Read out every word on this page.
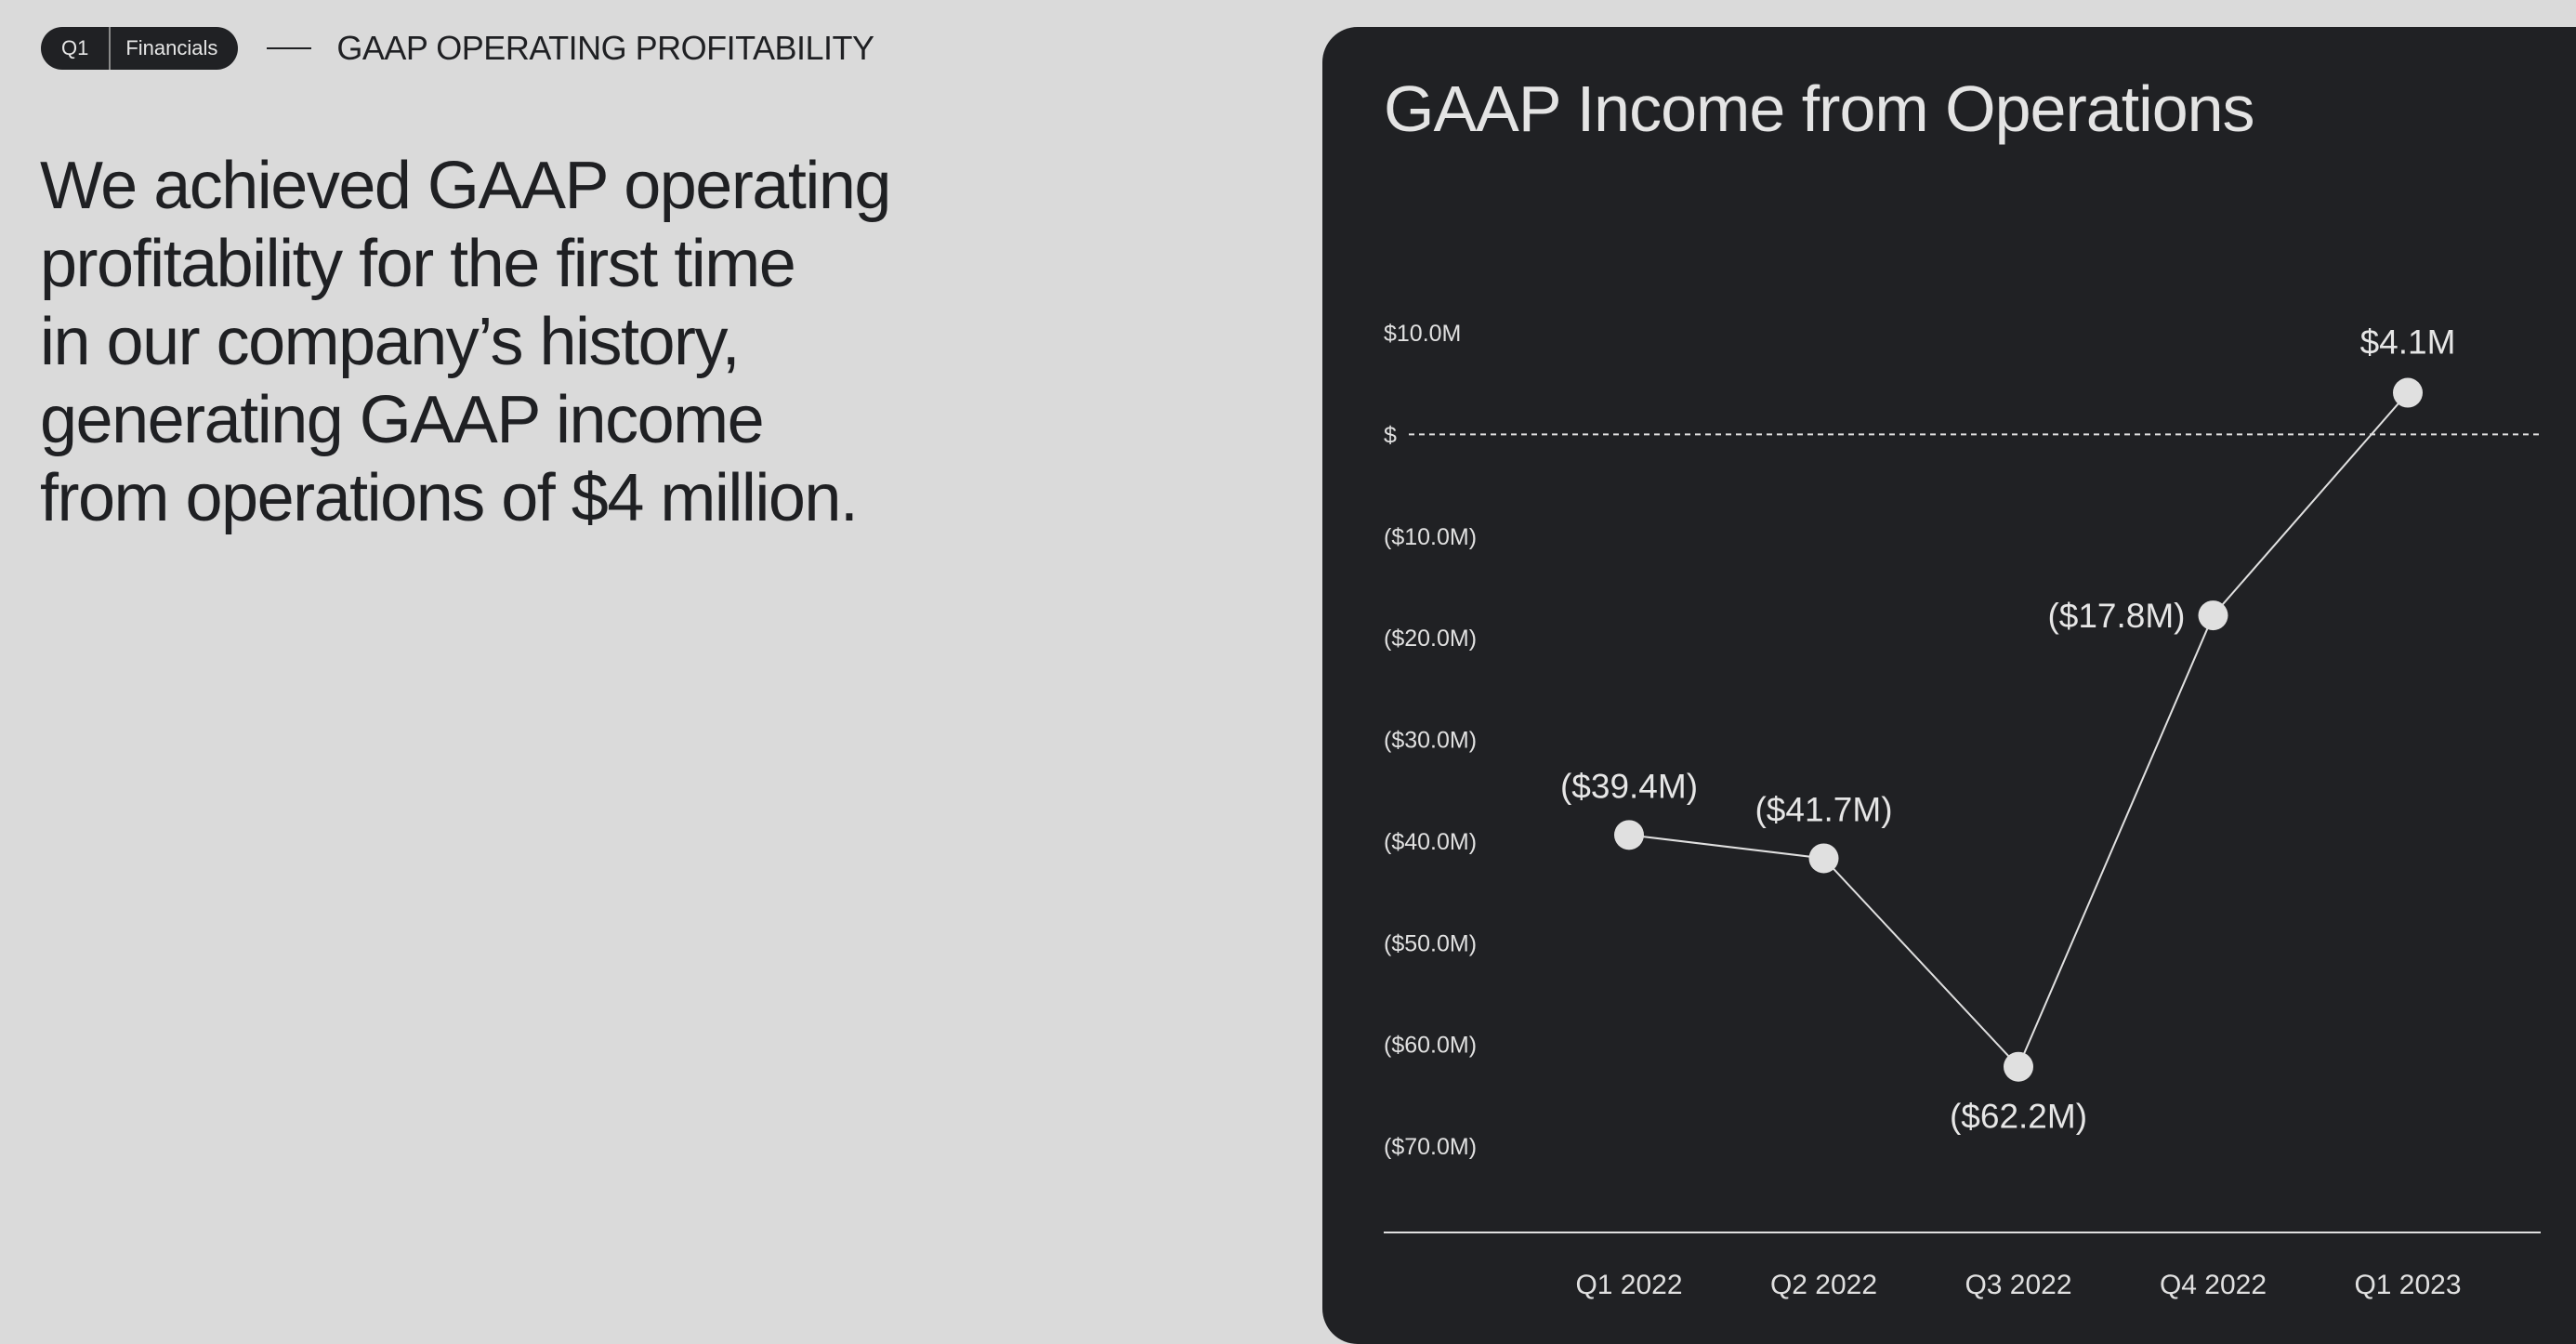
Q1	Financials	GAAP OPERATING PROFITABILITY
We achieved GAAP operating
profitability for the first time
in our company’s history,
generating GAAP income
from operations of $4 million.
GAAP Income from Operations
$10.0M
$
($10.0M)
($20.0M)
($30.0M)
($40.0M)
($50.0M)
($60.0M)
($70.0M)
Q1 2022	Q2 2022	Q3 2022	Q4 2022	Q1 2023
($39.4M)
($41.7M)
($62.2M)
($17.8M)
$4.1M
